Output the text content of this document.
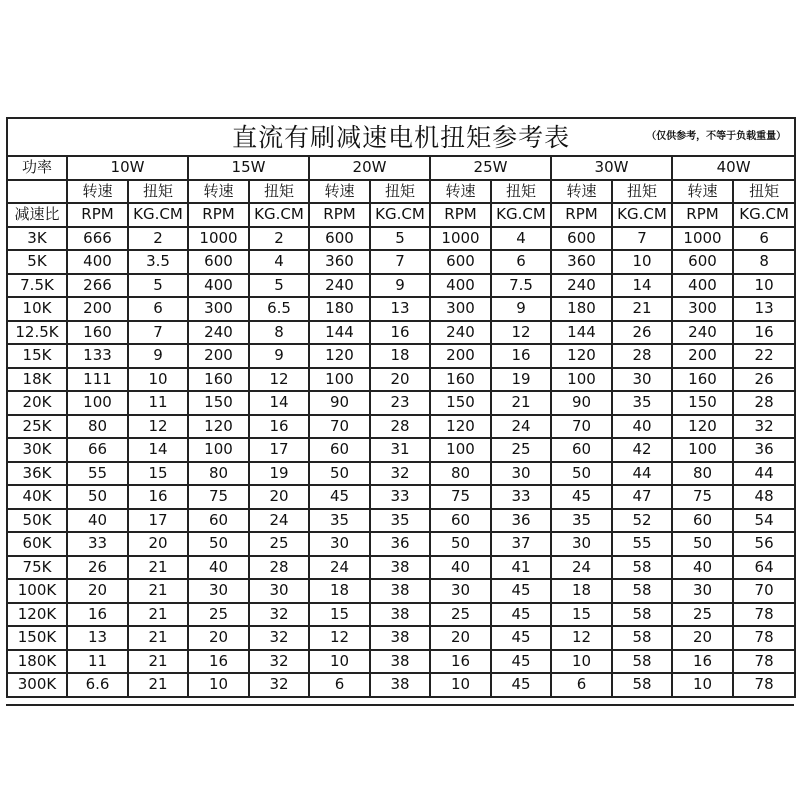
直流有刷减速电机扭矩参考表 （仅供参考，不等于负载重量）												

功率	10W		15W		20W		25W		30W		40W	
	转速	扭矩	转速	扭矩	转速	扭矩	转速	扭矩	转速	扭矩	转速	扭矩
减速比	RPM	KG.CM	RPM	KG.CM	RPM	KG.CM	RPM	KG.CM	RPM	KG.CM	RPM	KG.CM
3K	666	2	1000	2	600	5	1000	4	600	7	1000	6
5K	400	3.5	600	4	360	7	600	6	360	10	600	8
7.5K	266	5	400	5	240	9	400	7.5	240	14	400	10
10K	200	6	300	6.5	180	13	300	9	180	21	300	13
12.5K	160	7	240	8	144	16	240	12	144	26	240	16
15K	133	9	200	9	120	18	200	16	120	28	200	22
18K	111	10	160	12	100	20	160	19	100	30	160	26
20K	100	11	150	14	90	23	150	21	90	35	150	28
25K	80	12	120	16	70	28	120	24	70	40	120	32
30K	66	14	100	17	60	31	100	25	60	42	100	36
36K	55	15	80	19	50	32	80	30	50	44	80	44
40K	50	16	75	20	45	33	75	33	45	47	75	48
50K	40	17	60	24	35	35	60	36	35	52	60	54
60K	33	20	50	25	30	36	50	37	30	55	50	56
75K	26	21	40	28	24	38	40	41	24	58	40	64
100K	20	21	30	30	18	38	30	45	18	58	30	70
120K	16	21	25	32	15	38	25	45	15	58	25	78
150K	13	21	20	32	12	38	20	45	12	58	20	78
180K	11	21	16	32	10	38	16	45	10	58	16	78
300K	6.6	21	10	32	6	38	10	45	6	58	10	78
